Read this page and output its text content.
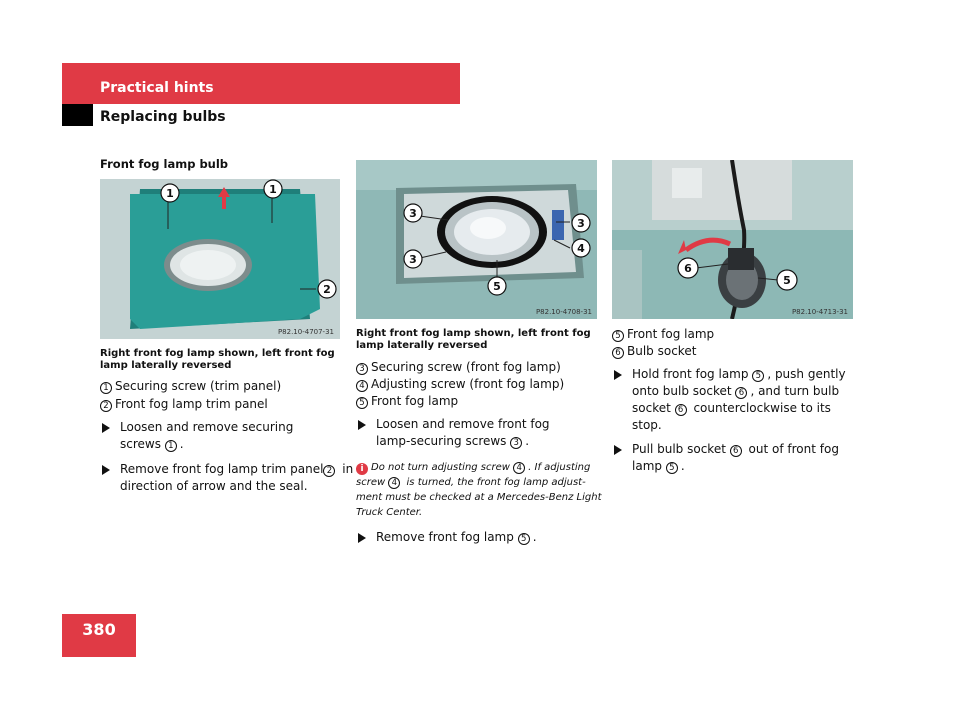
Practical hints
Replacing bulbs
Front fog lamp bulb
1	1
2
P82.10-4707-31
Right front fog lamp shown, left front fog lamp laterally reversed
1 Securing screw (trim panel)
2 Front fog lamp trim panel
Loosen and remove securing
screws 1 .
Remove front fog lamp trim panel 2 in
direction of arrow and the seal.
3
3
3
4
5
P82.10-4708-31
Right front fog lamp shown, left front fog lamp laterally reversed
3 Securing screw (front fog lamp)
4 Adjusting screw (front fog lamp)
5 Front fog lamp
Loosen and remove front fog
lamp-securing screws 3 .
i Do not turn adjusting screw 4 . If adjusting
screw 4 is turned, the front fog lamp adjust-
ment must be checked at a Mercedes-Benz Light
Truck Center.
Remove front fog lamp 5 .
6
5
P82.10-4713-31
5 Front fog lamp
6 Bulb socket
Hold front fog lamp 5 , push gently
onto bulb socket 6 , and turn bulb
socket 6 counterclockwise to its
stop.
Pull bulb socket 6 out of front fog
lamp 5 .
380
